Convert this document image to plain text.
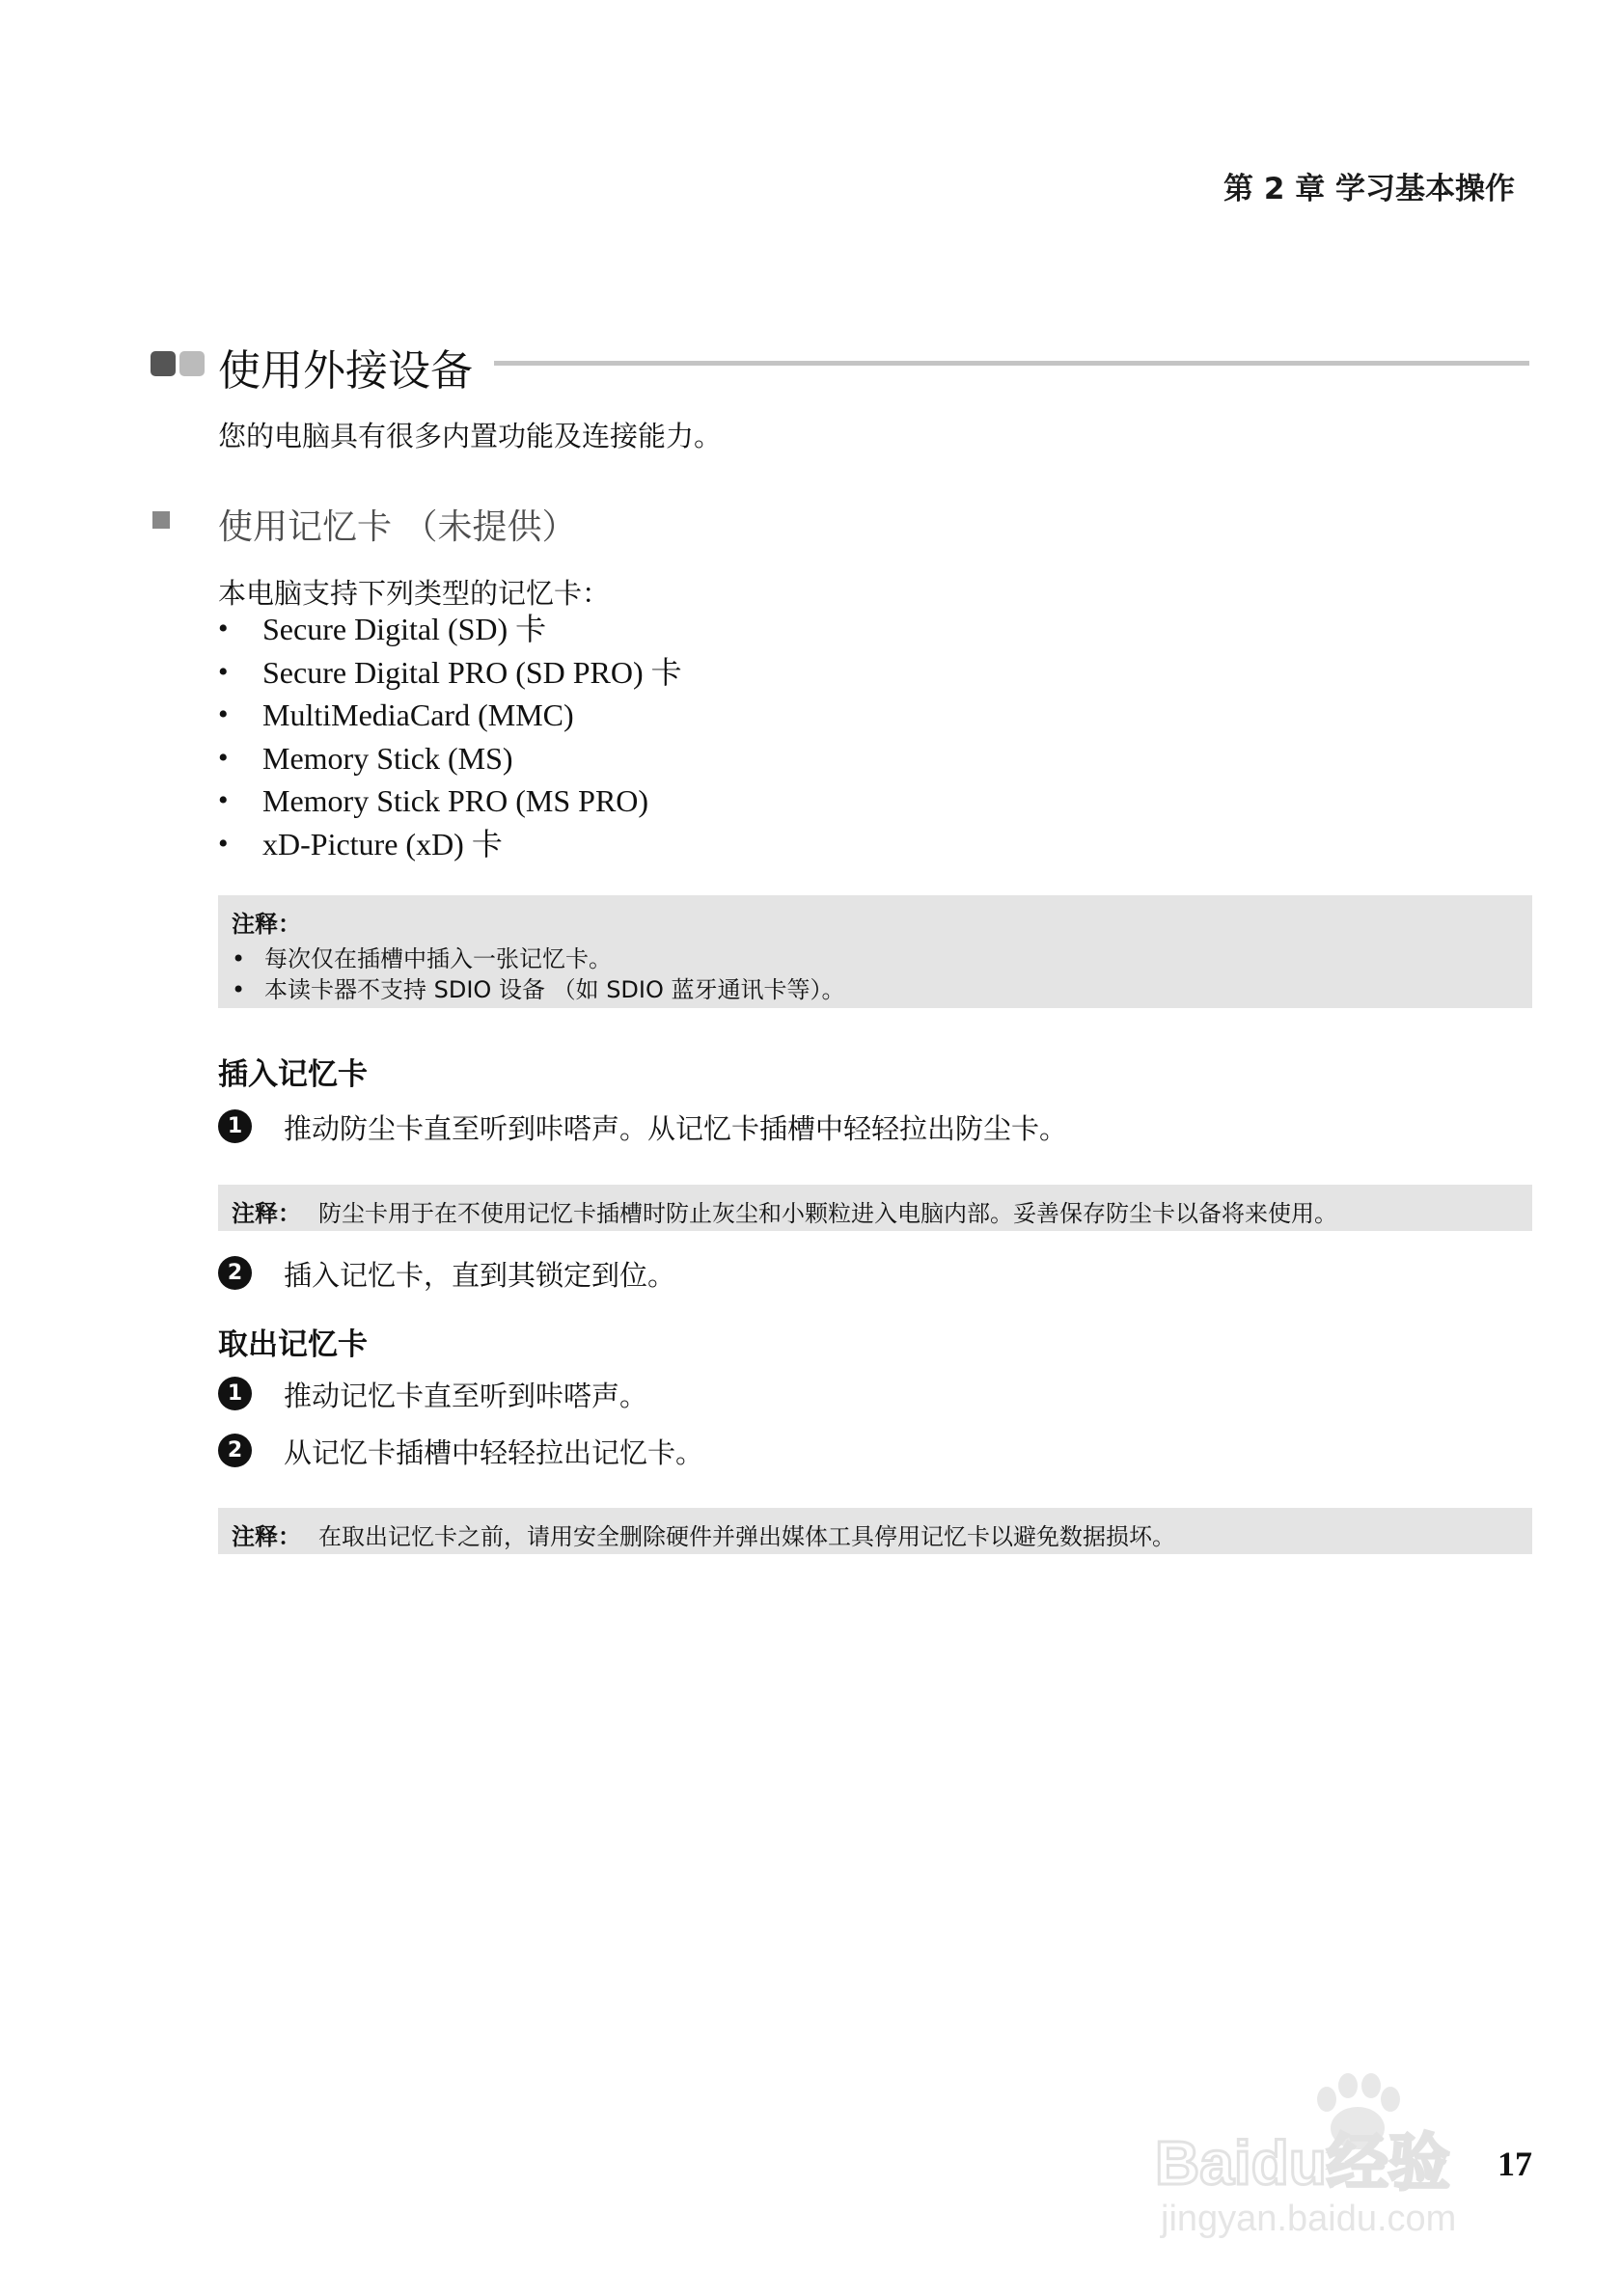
第 2 章 学习基本操作
使用外接设备
您的电脑具有很多内置功能及连接能力。
使用记忆卡 （未提供）
本电脑支持下列类型的记忆卡：
• Secure Digital (SD) 卡
• Secure Digital PRO (SD PRO) 卡
• MultiMediaCard (MMC)
• Memory Stick (MS)
• Memory Stick PRO (MS PRO)
• xD-Picture (xD) 卡
注释：
• 每次仅在插槽中插入一张记忆卡。
• 本读卡器不支持 SDIO 设备 （如 SDIO 蓝牙通讯卡等）。
插入记忆卡
1	推动防尘卡直至听到咔嗒声。从记忆卡插槽中轻轻拉出防尘卡。
注释： 防尘卡用于在不使用记忆卡插槽时防止灰尘和小颗粒进入电脑内部。妥善保存防尘卡以备将来使用。
2	插入记忆卡，直到其锁定到位。
取出记忆卡
1	推动记忆卡直至听到咔嗒声。
2	从记忆卡插槽中轻轻拉出记忆卡。
注释： 在取出记忆卡之前，请用安全删除硬件并弹出媒体工具停用记忆卡以避免数据损坏。
Baidu经验
jingyan.baidu.com
17
